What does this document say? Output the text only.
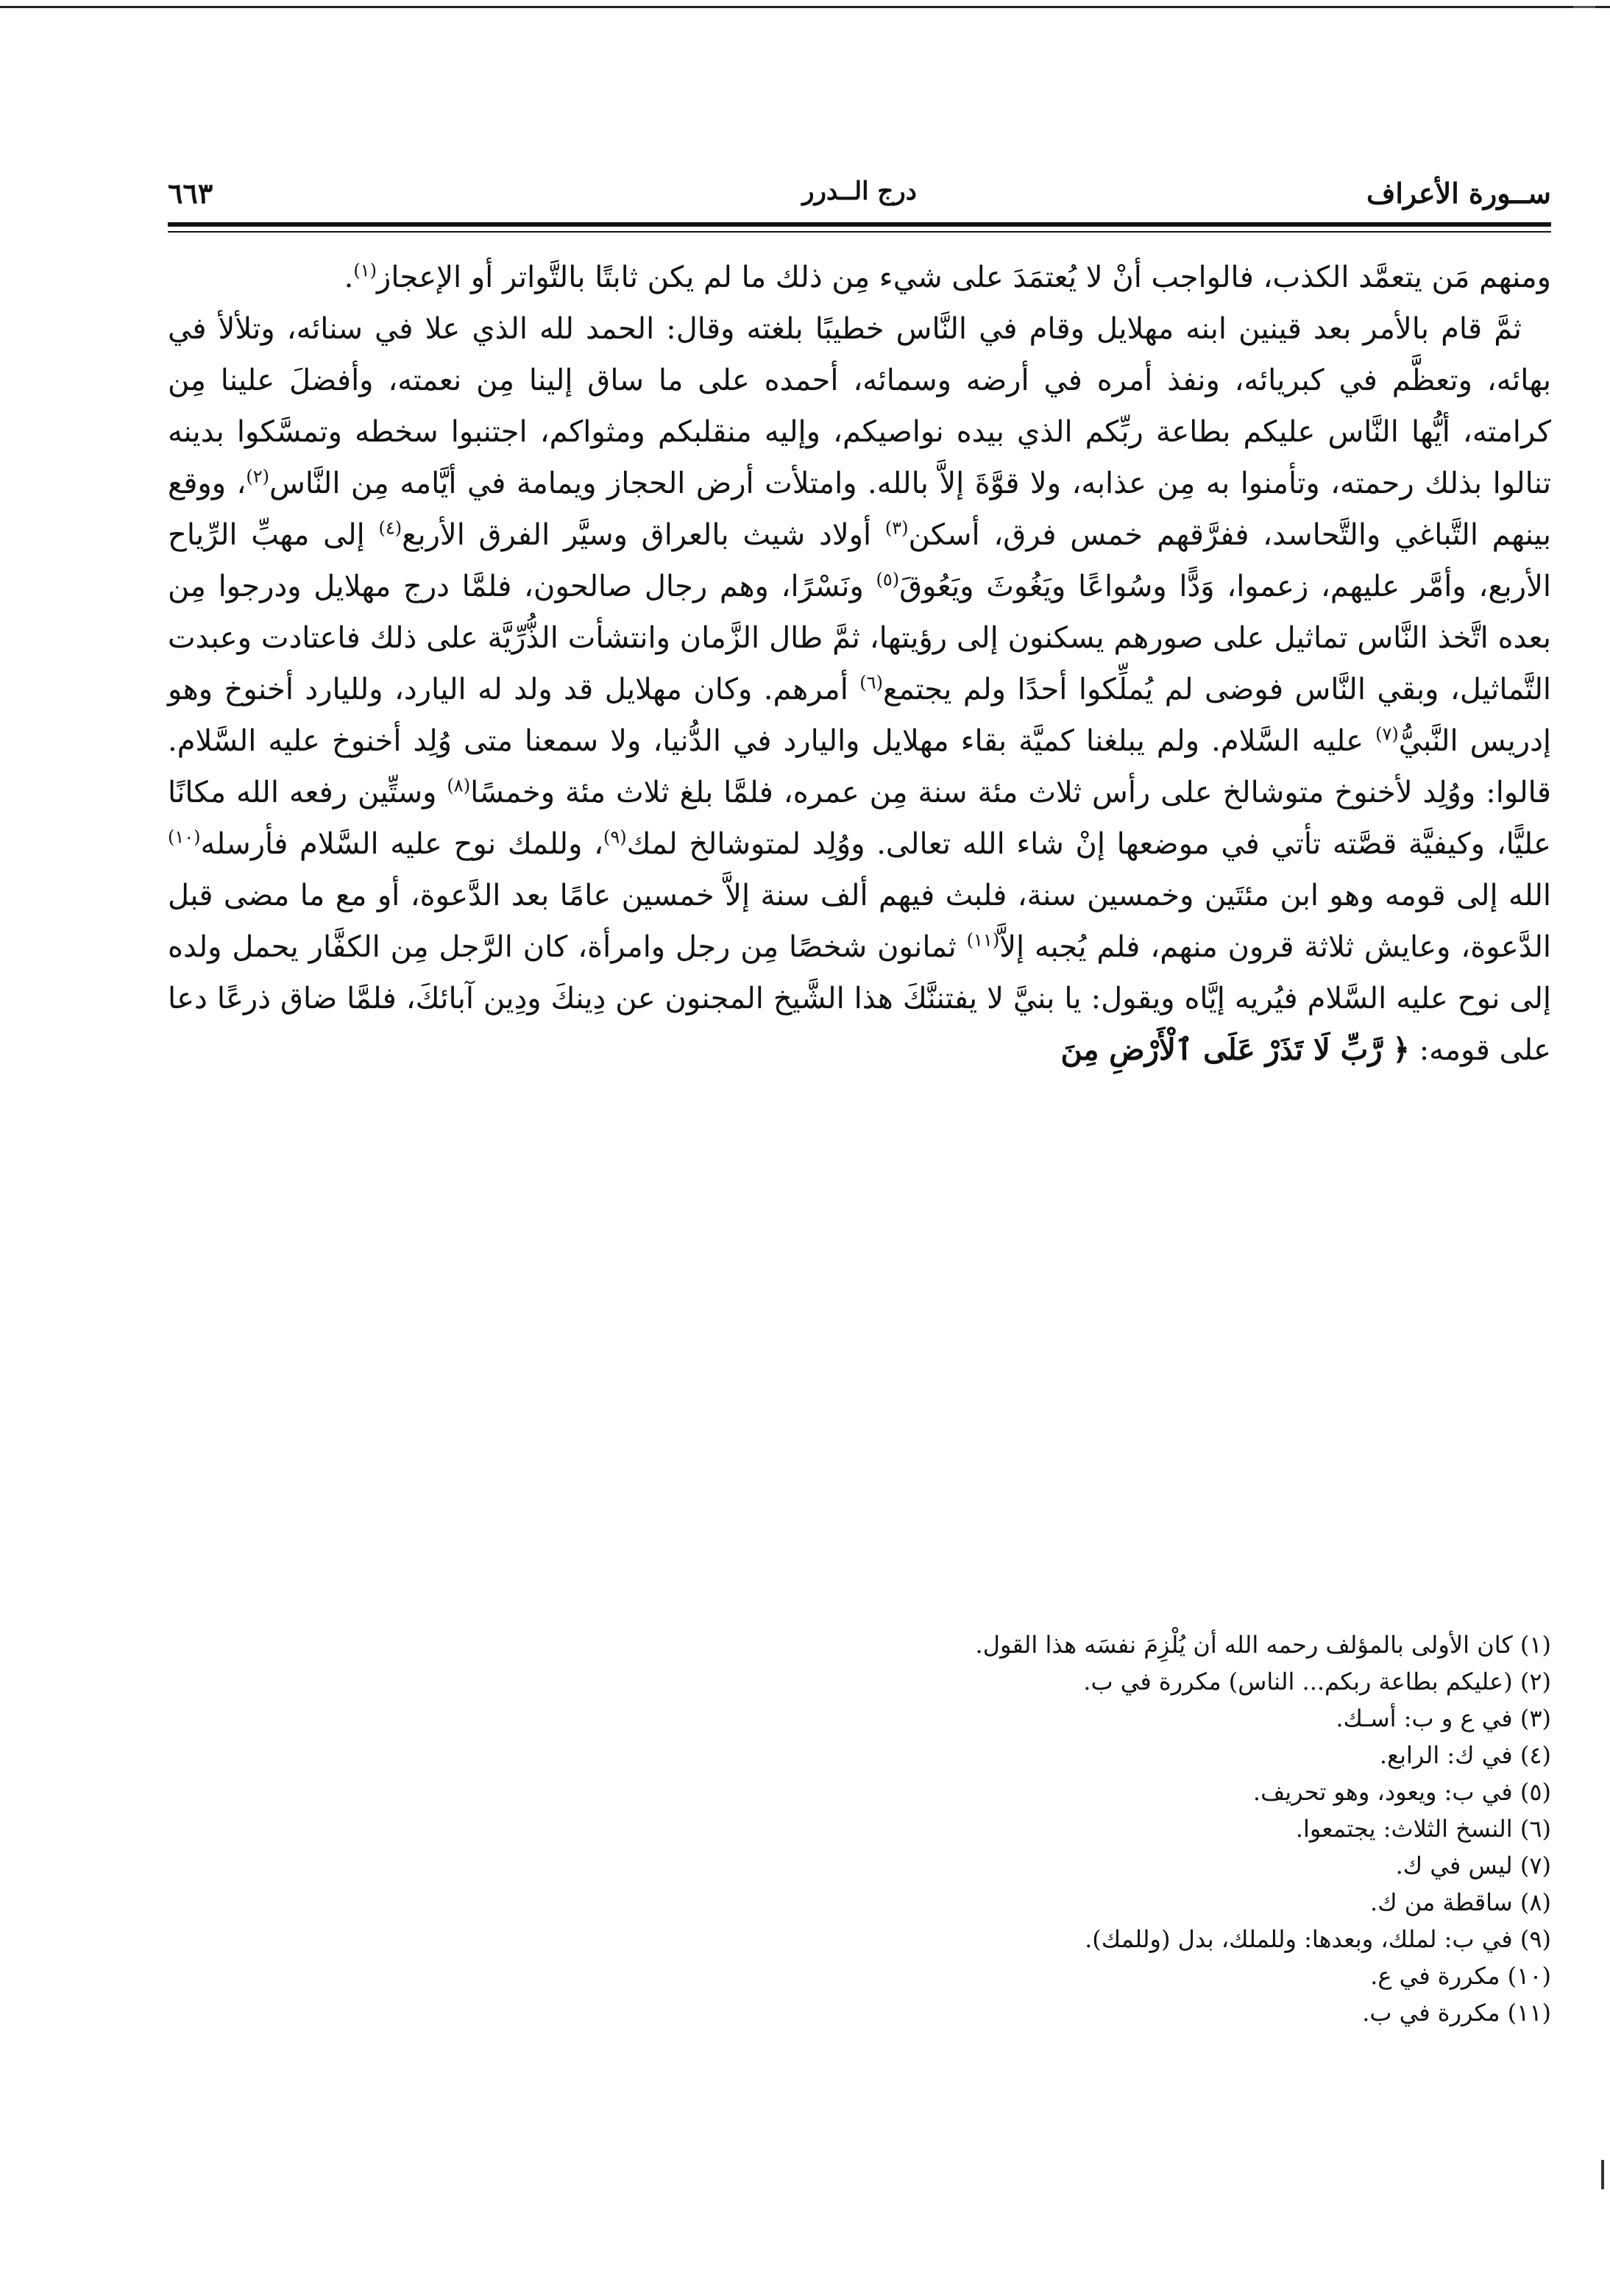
ســورة الأعراف
درج الــدرر
٦٦٣

ومنهم مَن يتعمَّد الكذب، فالواجب أنْ لا يُعتمَدَ على شيء مِن ذلك ما لم يكن ثابتًا بالتَّواتر أو الإعجاز$^{(١)}$.

ثمَّ قام بالأمر بعد قينين ابنه مهلايل وقام في النَّاس خطيبًا بلغته وقال: الحمد لله الذي علا في سنائه، وتلألأ في بهائه، وتعظَّم في كبريائه، ونفذ أمره في أرضه وسمائه، أحمده على ما ساق إلينا مِن نعمته، وأفضلَ علينا مِن كرامته، أيُّها النَّاس عليكم بطاعة ربِّكم الذي بيده نواصيكم، وإليه منقلبكم ومثواكم، اجتنبوا سخطه وتمسَّكوا بدينه تنالوا بذلك رحمته، وتأمنوا به مِن عذابه، ولا قوَّةَ إلاَّ بالله. وامتلأت أرض الحجاز ويمامة في أيَّامه مِن النَّاس$^{(٢)}$، ووقع بينهم التَّباغي والتَّحاسد، ففرَّقهم خمس فرق، أسكن$^{(٣)}$ أولاد شيث بالعراق وسيَّر الفرق الأربع$^{(٤)}$ إلى مهبِّ الرِّياح الأربع، وأمَّر عليهم، زعموا، وَدًّا وسُواعًا ويَغُوثَ ويَعُوقَ$^{(٥)}$ ونَسْرًا، وهم رجال صالحون، فلمَّا درج مهلايل ودرجوا مِن بعده اتَّخذ النَّاس تماثيل على صورهم يسكنون إلى رؤيتها، ثمَّ طال الزَّمان وانتشأت الذُّرِّيَّة على ذلك فاعتادت وعبدت التَّماثيل، وبقي النَّاس فوضى لم يُملِّكوا أحدًا ولم يجتمع$^{(٦)}$ أمرهم. وكان مهلايل قد ولد له اليارد، ولليارد أخنوخ وهو إدريس النَّبيُّ$^{(٧)}$ عليه السَّلام. ولم يبلغنا كميَّة بقاء مهلايل واليارد في الدُّنيا، ولا سمعنا متى وُلِد أخنوخ عليه السَّلام. قالوا: ووُلِد لأخنوخ متوشالخ على رأس ثلاث مئة سنة مِن عمره، فلمَّا بلغ ثلاث مئة وخمسًا$^{(٨)}$ وستِّين رفعه الله مكانًا عليًّا، وكيفيَّة قصَّته تأتي في موضعها إنْ شاء الله تعالى. ووُلِد لمتوشالخ لمك$^{(٩)}$، وللمك نوح عليه السَّلام فأرسله$^{(١٠)}$ الله إلى قومه وهو ابن مئتَين وخمسين سنة، فلبث فيهم ألف سنة إلاَّ خمسين عامًا بعد الدَّعوة، أو مع ما مضى قبل الدَّعوة، وعايش ثلاثة قرون منهم، فلم يُجبه إلاَّ$^{(١١)}$ ثمانون شخصًا مِن رجل وامرأة، كان الرَّجل مِن الكفَّار يحمل ولده إلى نوح عليه السَّلام فيُريه إيَّاه ويقول: يا بنيَّ لا يفتننَّكَ هذا الشَّيخ المجنون عن دِينكَ ودِين آبائكَ، فلمَّا ضاق ذرعًا دعا على قومه: ﴿ رَّبِّ لَا تَذَرْ عَلَى ٱلْأَرْضِ مِنَ

(١) كان الأولى بالمؤلف رحمه الله أن يُلْزِمَ نفسَه هذا القول.
(٢) (عليكم بطاعة ربكم... الناس) مكررة في ب.
(٣) في ع و ب: أسـك.
(٤) في ك: الرابع.
(٥) في ب: ويعود، وهو تحريف.
(٦) النسخ الثلاث: يجتمعوا.
(٧) ليس في ك.
(٨) ساقطة من ك.
(٩) في ب: لملك، وبعدها: وللملك، بدل (وللمك).
(١٠) مكررة في ع.
(١١) مكررة في ب.
